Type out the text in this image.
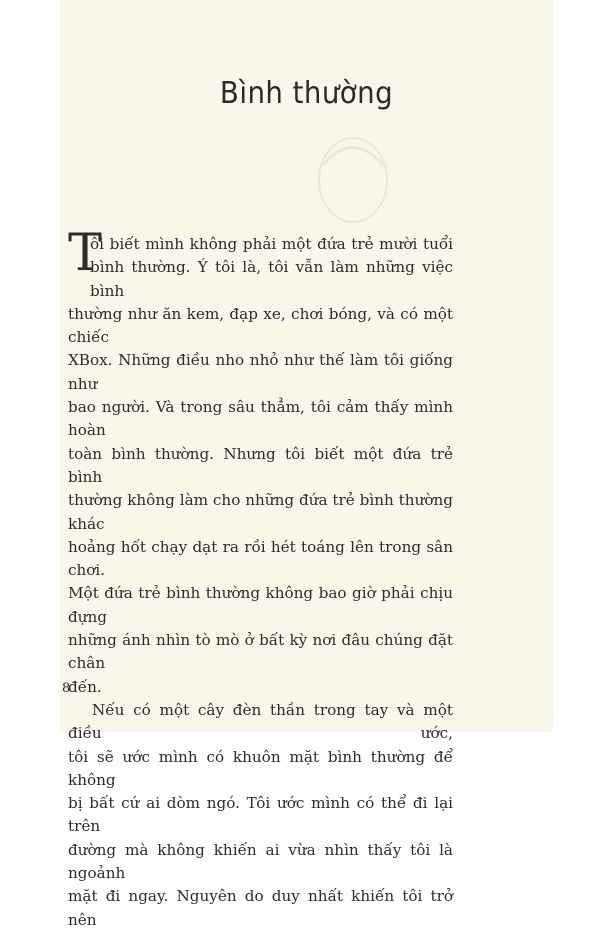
Bình thường
T
ôi biết mình không phải một đứa trẻ mười tuổi
bình thường. Ý tôi là, tôi vẫn làm những việc bình
thường như ăn kem, đạp xe, chơi bóng, và có một chiếc
XBox. Những điều nho nhỏ như thế làm tôi giống như
bao người. Và trong sâu thẳm, tôi cảm thấy mình hoàn
toàn bình thường. Nhưng tôi biết một đứa trẻ bình
thường không làm cho những đứa trẻ bình thường khác
hoảng hốt chạy dạt ra rồi hét toáng lên trong sân chơi.
Một đứa trẻ bình thường không bao giờ phải chịu đựng
những ánh nhìn tò mò ở bất kỳ nơi đâu chúng đặt chân
đến.
Nếu có một cây đèn thần trong tay và một điều ước,
tôi sẽ ước mình có khuôn mặt bình thường để không
bị bất cứ ai dòm ngó. Tôi ước mình có thể đi lại trên
đường mà không khiến ai vừa nhìn thấy tôi là ngoảnh
mặt đi ngay. Nguyên do duy nhất khiến tôi trở nên
8
